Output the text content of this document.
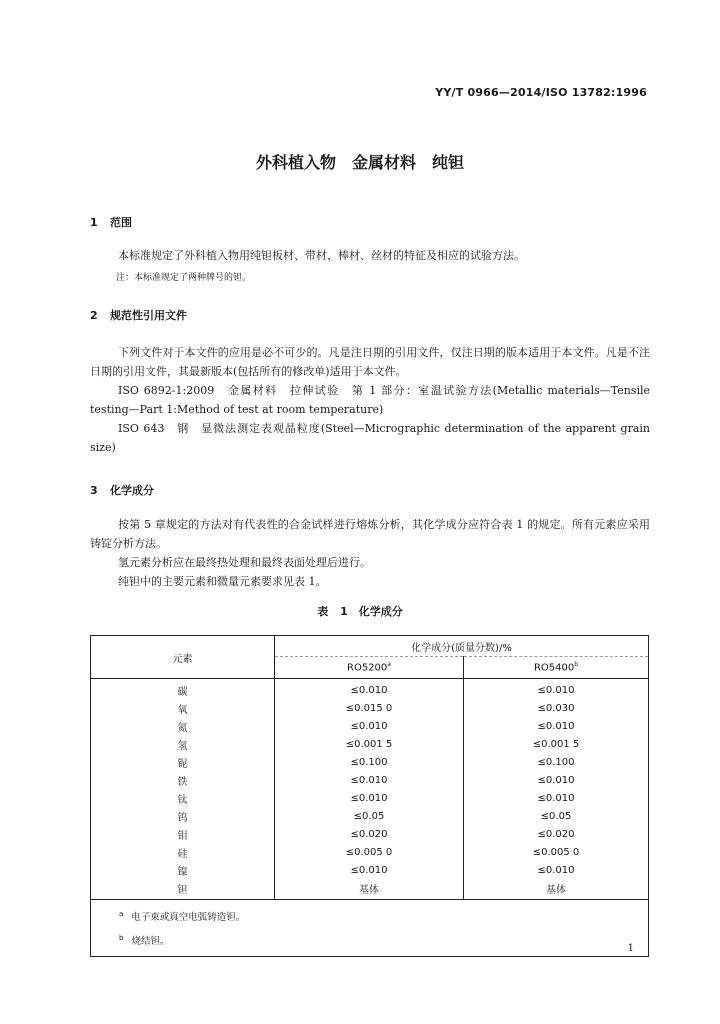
YY/T 0966—2014/ISO 13782:1996
外科植入物　金属材料　纯钽
1 范围
本标准规定了外科植入物用纯钽板材、带材、棒材、丝材的特征及相应的试验方法。
注：本标准规定了两种牌号的钽。
2 规范性引用文件
下列文件对于本文件的应用是必不可少的。凡是注日期的引用文件，仅注日期的版本适用于本文件。凡是不注日期的引用文件，其最新版本(包括所有的修改单)适用于本文件。
ISO 6892-1:2009　金属材料　拉伸试验　第 1 部分：室温试验方法(Metallic materials—Tensile testing—Part 1:Method of test at room temperature)
ISO 643　钢　显微法测定表观晶粒度(Steel—Micrographic determination of the apparent grain size)
3 化学成分
按第 5 章规定的方法对有代表性的合金试样进行熔炼分析，其化学成分应符合表 1 的规定。所有元素应采用铸锭分析方法。
氢元素分析应在最终热处理和最终表面处理后进行。
纯钽中的主要元素和微量元素要求见表 1。
表 1　化学成分
元素	化学成分(质量分数)/%	
	RO5200$^a$	RO5400$^b$
碳	≤0.010	≤0.010
氧	≤0.015 0	≤0.030
氮	≤0.010	≤0.010
氢	≤0.001 5	≤0.001 5
铌	≤0.100	≤0.100
铁	≤0.010	≤0.010
钛	≤0.010	≤0.010
钨	≤0.05	≤0.05
钼	≤0.020	≤0.020
硅	≤0.005 0	≤0.005 0
镍	≤0.010	≤0.010
钽	基体	基体

$^a$ 电子束或真空电弧铸造钽。
$^b$ 烧结钽。		
1
